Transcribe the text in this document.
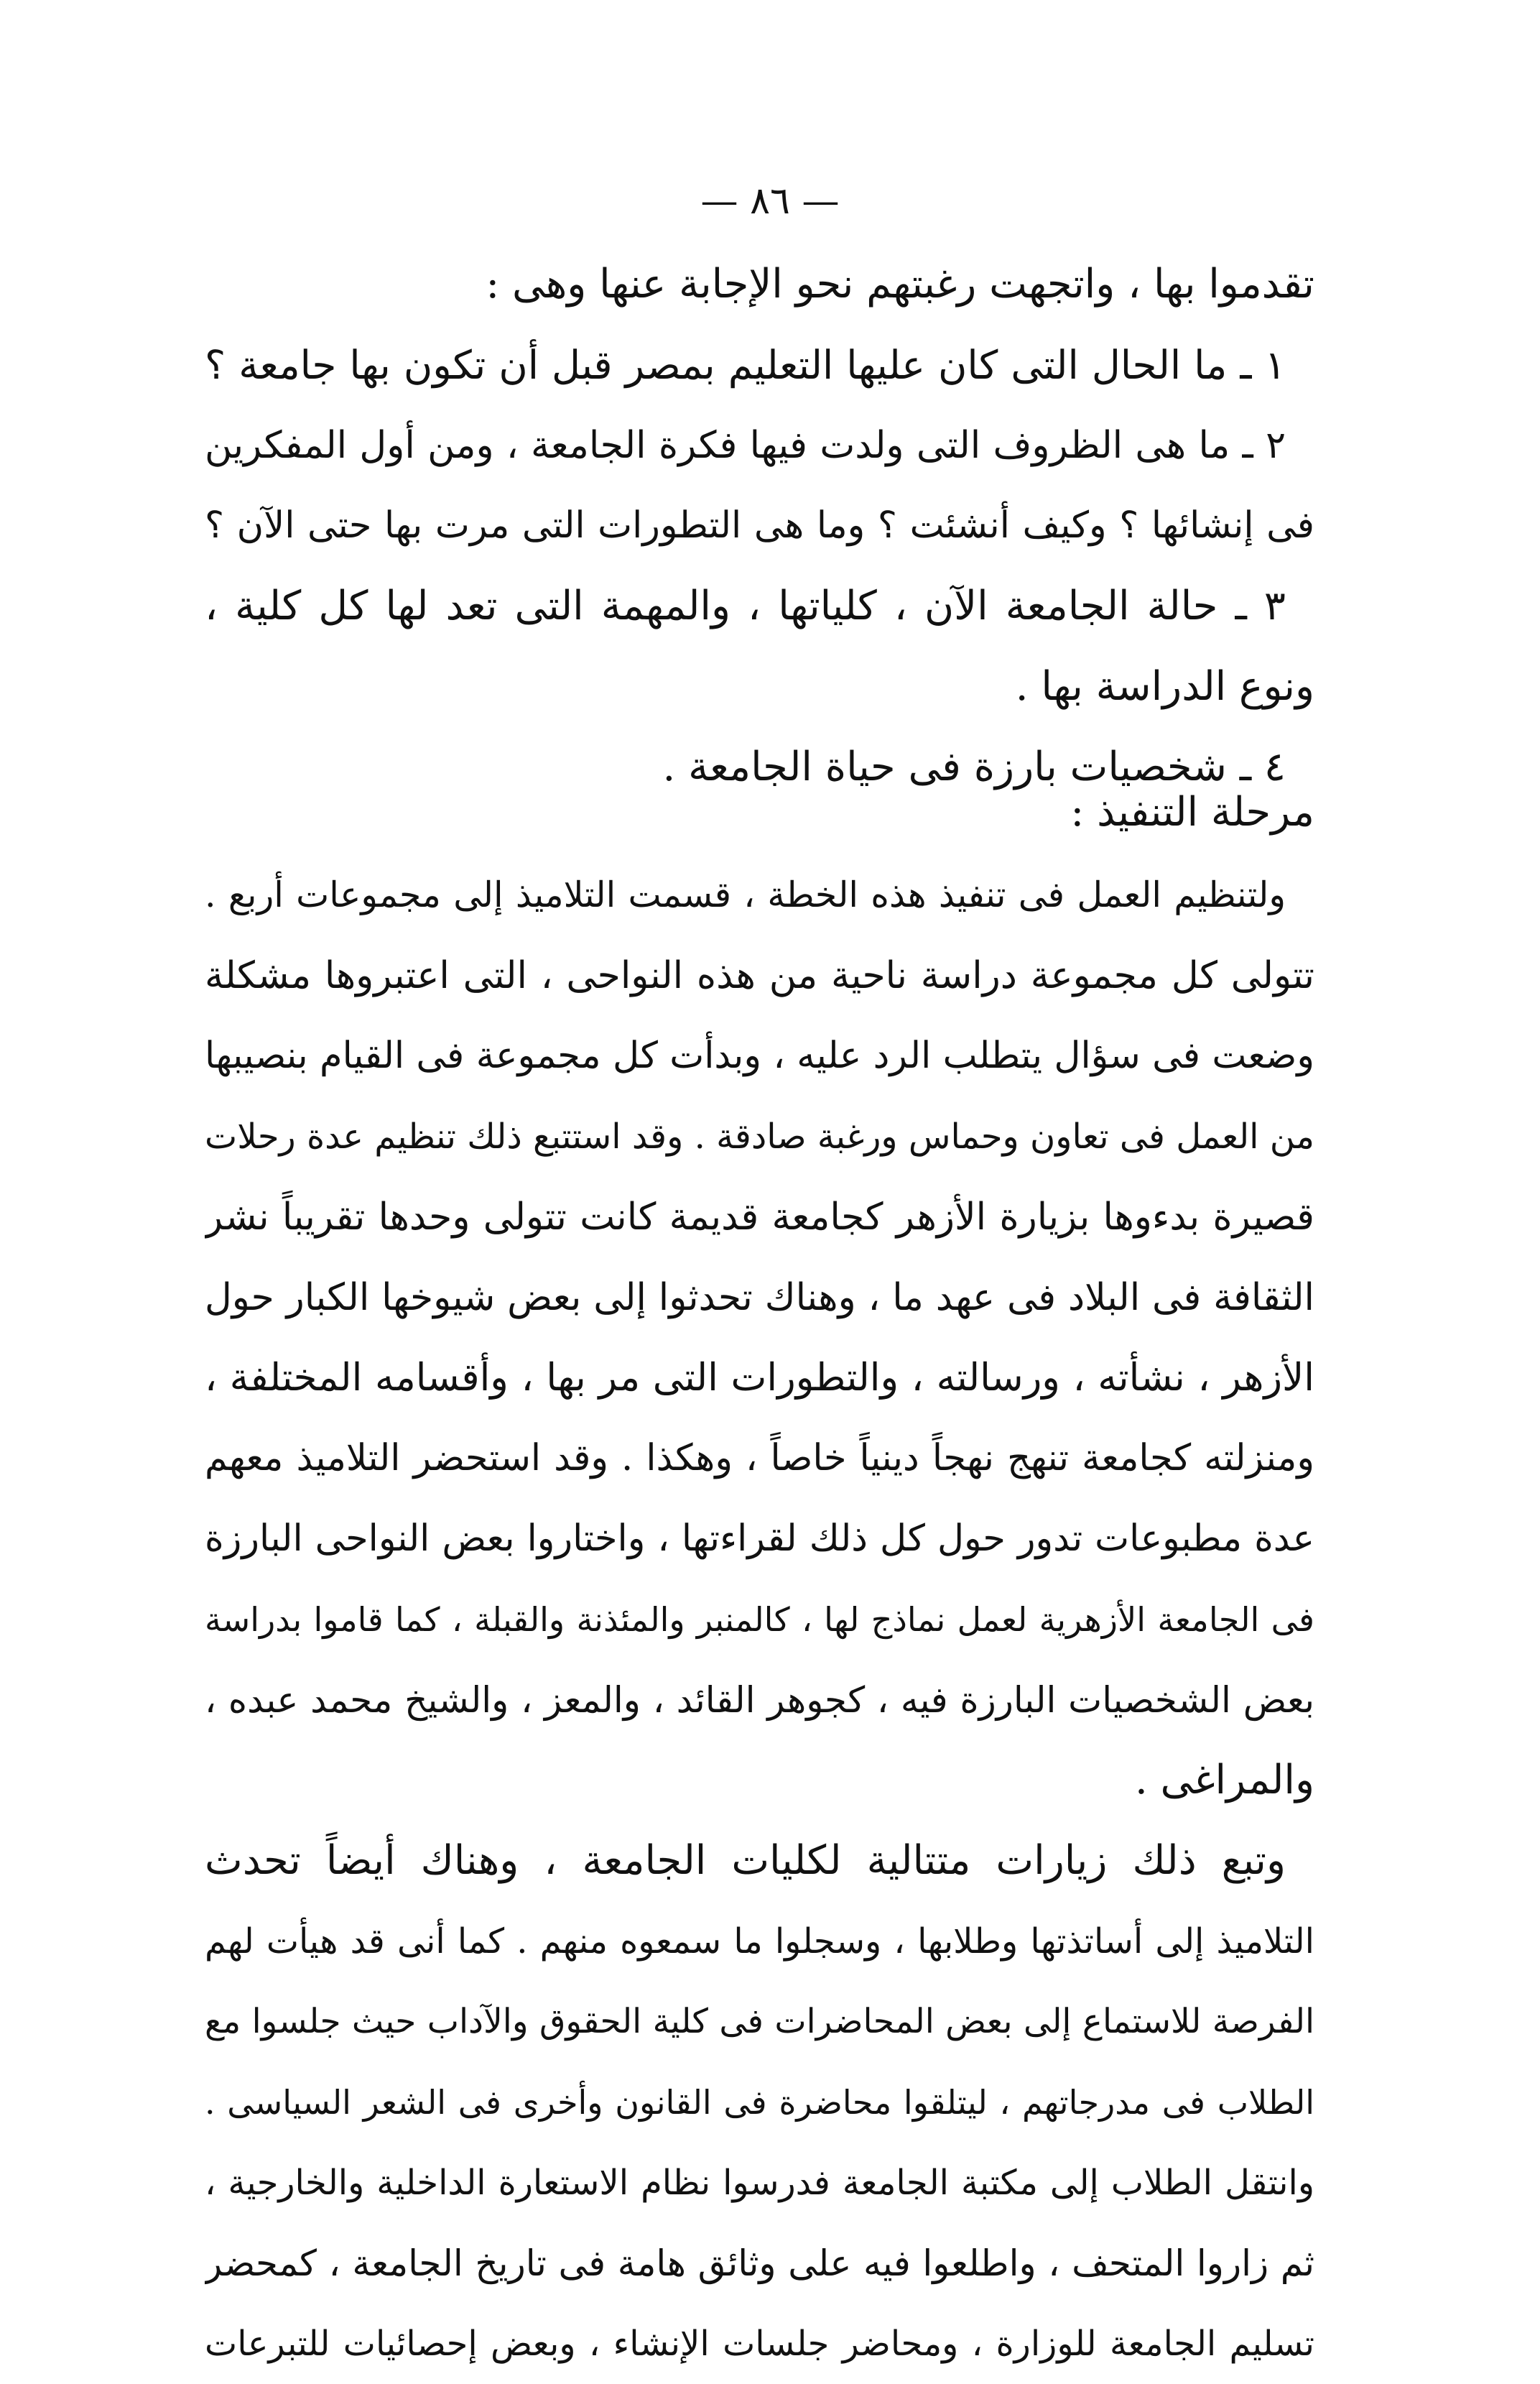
— ٨٦ —
تقدموا بها ، واتجهت رغبتهم نحو الإجابة عنها وهى :
١ ـ ما الحال التى كان عليها التعليم بمصر قبل أن تكون بها جامعة ؟
٢ ـ ما هى الظروف التى ولدت فيها فكرة الجامعة ، ومن أول المفكرين
فى إنشائها ؟ وكيف أنشئت ؟ وما هى التطورات التى مرت بها حتى الآن ؟
٣ ـ حالة الجامعة الآن ، كلياتها ، والمهمة التى تعد لها كل كلية ،
ونوع الدراسة بها .
٤ ـ شخصيات بارزة فى حياة الجامعة .
مرحلة التنفيذ :
ولتنظيم العمل فى تنفيذ هذه الخطة ، قسمت التلاميذ إلى مجموعات أربع .
تتولى كل مجموعة دراسة ناحية من هذه النواحى ، التى اعتبروها مشكلة
وضعت فى سؤال يتطلب الرد عليه ، وبدأت كل مجموعة فى القيام بنصيبها
من العمل فى تعاون وحماس ورغبة صادقة . وقد استتبع ذلك تنظيم عدة رحلات
قصيرة بدءوها بزيارة الأزهر كجامعة قديمة كانت تتولى وحدها تقريباً نشر
الثقافة فى البلاد فى عهد ما ، وهناك تحدثوا إلى بعض شيوخها الكبار حول
الأزهر ، نشأته ، ورسالته ، والتطورات التى مر بها ، وأقسامه المختلفة ،
ومنزلته كجامعة تنهج نهجاً دينياً خاصاً ، وهكذا . وقد استحضر التلاميذ معهم
عدة مطبوعات تدور حول كل ذلك لقراءتها ، واختاروا بعض النواحى البارزة
فى الجامعة الأزهرية لعمل نماذج لها ، كالمنبر والمئذنة والقبلة ، كما قاموا بدراسة
بعض الشخصيات البارزة فيه ، كجوهر القائد ، والمعز ، والشيخ محمد عبده ،
والمراغى .
وتبع ذلك زيارات متتالية لكليات الجامعة ، وهناك أيضاً تحدث
التلاميذ إلى أساتذتها وطلابها ، وسجلوا ما سمعوه منهم . كما أنى قد هيأت لهم
الفرصة للاستماع إلى بعض المحاضرات فى كلية الحقوق والآداب حيث جلسوا مع
الطلاب فى مدرجاتهم ، ليتلقوا محاضرة فى القانون وأخرى فى الشعر السياسى .
وانتقل الطلاب إلى مكتبة الجامعة فدرسوا نظام الاستعارة الداخلية والخارجية ،
ثم زاروا المتحف ، واطلعوا فيه على وثائق هامة فى تاريخ الجامعة ، كمحضر
تسليم الجامعة للوزارة ، ومحاضر جلسات الإنشاء ، وبعض إحصائيات للتبرعات
